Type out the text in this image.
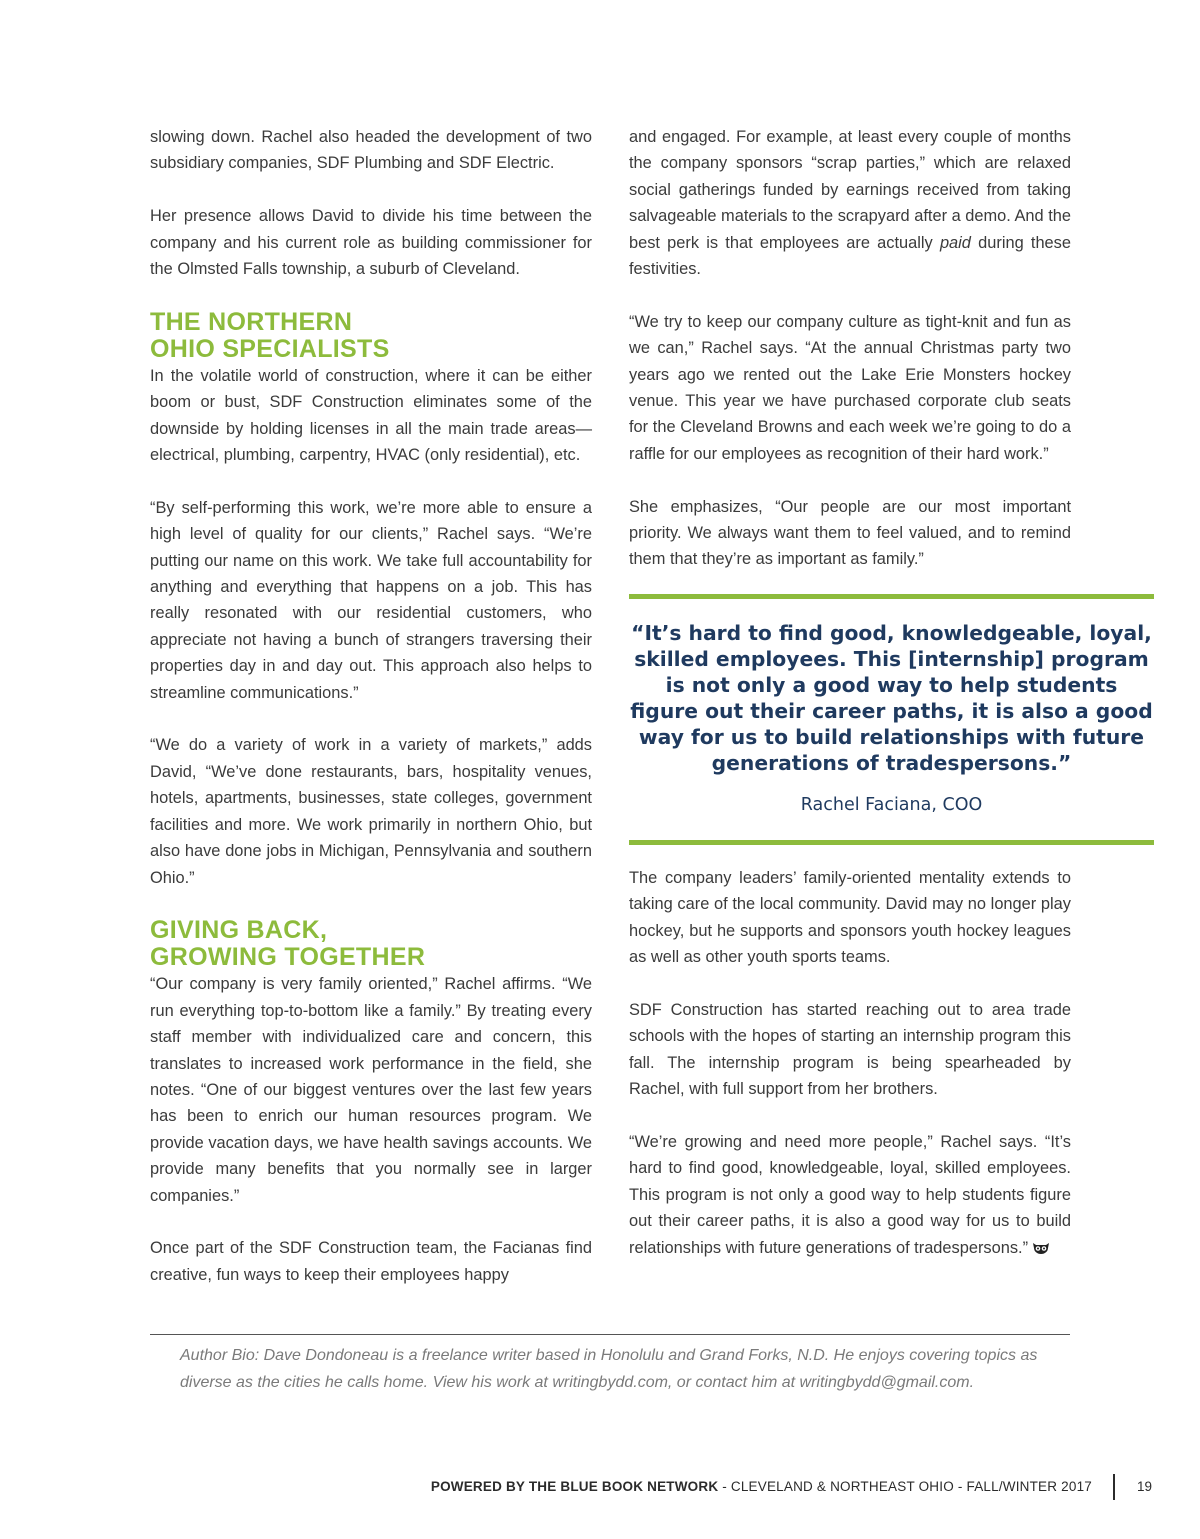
slowing down. Rachel also headed the development of two subsidiary companies, SDF Plumbing and SDF Electric.

Her presence allows David to divide his time between the company and his current role as building commissioner for the Olmsted Falls township, a suburb of Cleveland.

THE NORTHERN
OHIO SPECIALISTS

In the volatile world of construction, where it can be either boom or bust, SDF Construction eliminates some of the downside by holding licenses in all the main trade areas—electrical, plumbing, carpentry, HVAC (only residential), etc.

“By self-performing this work, we’re more able to ensure a high level of quality for our clients,” Rachel says. “We’re putting our name on this work. We take full accountability for anything and everything that happens on a job. This has really resonated with our residential customers, who appreciate not having a bunch of strangers traversing their properties day in and day out. This approach also helps to streamline communications.”

“We do a variety of work in a variety of markets,” adds David, “We’ve done restaurants, bars, hospitality venues, hotels, apartments, businesses, state colleges, government facilities and more. We work primarily in northern Ohio, but also have done jobs in Michigan, Pennsylvania and southern Ohio.”

GIVING BACK,
GROWING TOGETHER

“Our company is very family oriented,” Rachel affirms. “We run everything top-to-bottom like a family.” By treating every staff member with individualized care and concern, this translates to increased work performance in the field, she notes. “One of our biggest ventures over the last few years has been to enrich our human resources program. We provide vacation days, we have health savings accounts. We provide many benefits that you normally see in larger companies.”

Once part of the SDF Construction team, the Facianas find creative, fun ways to keep their employees happy

and engaged. For example, at least every couple of months the company sponsors “scrap parties,” which are relaxed social gatherings funded by earnings received from taking salvageable materials to the scrapyard after a demo. And the best perk is that employees are actually paid during these festivities.

“We try to keep our company culture as tight-knit and fun as we can,” Rachel says. “At the annual Christmas party two years ago we rented out the Lake Erie Monsters hockey venue. This year we have purchased corporate club seats for the Cleveland Browns and each week we’re going to do a raffle for our employees as recognition of their hard work.”

She emphasizes, “Our people are our most important priority. We always want them to feel valued, and to remind them that they’re as important as family.”

“It’s hard to find good, knowledgeable, loyal, skilled employees. This [internship] program is not only a good way to help students figure out their career paths, it is also a good way for us to build relationships with future generations of tradespersons.”
Rachel Faciana, COO

The company leaders’ family-oriented mentality extends to taking care of the local community. David may no longer play hockey, but he supports and sponsors youth hockey leagues as well as other youth sports teams.

SDF Construction has started reaching out to area trade schools with the hopes of starting an internship program this fall. The internship program is being spearheaded by Rachel, with full support from her brothers.

“We’re growing and need more people,” Rachel says. “It’s hard to find good, knowledgeable, loyal, skilled employees. This program is not only a good way to help students figure out their career paths, it is also a good way for us to build relationships with future generations of tradespersons.”

Author Bio: Dave Dondoneau is a freelance writer based in Honolulu and Grand Forks, N.D. He enjoys covering topics as diverse as the cities he calls home. View his work at writingbydd.com, or contact him at writingbydd@gmail.com.
POWERED BY THE BLUE BOOK NETWORK - CLEVELAND & NORTHEAST OHIO - FALL/WINTER 2017	19
